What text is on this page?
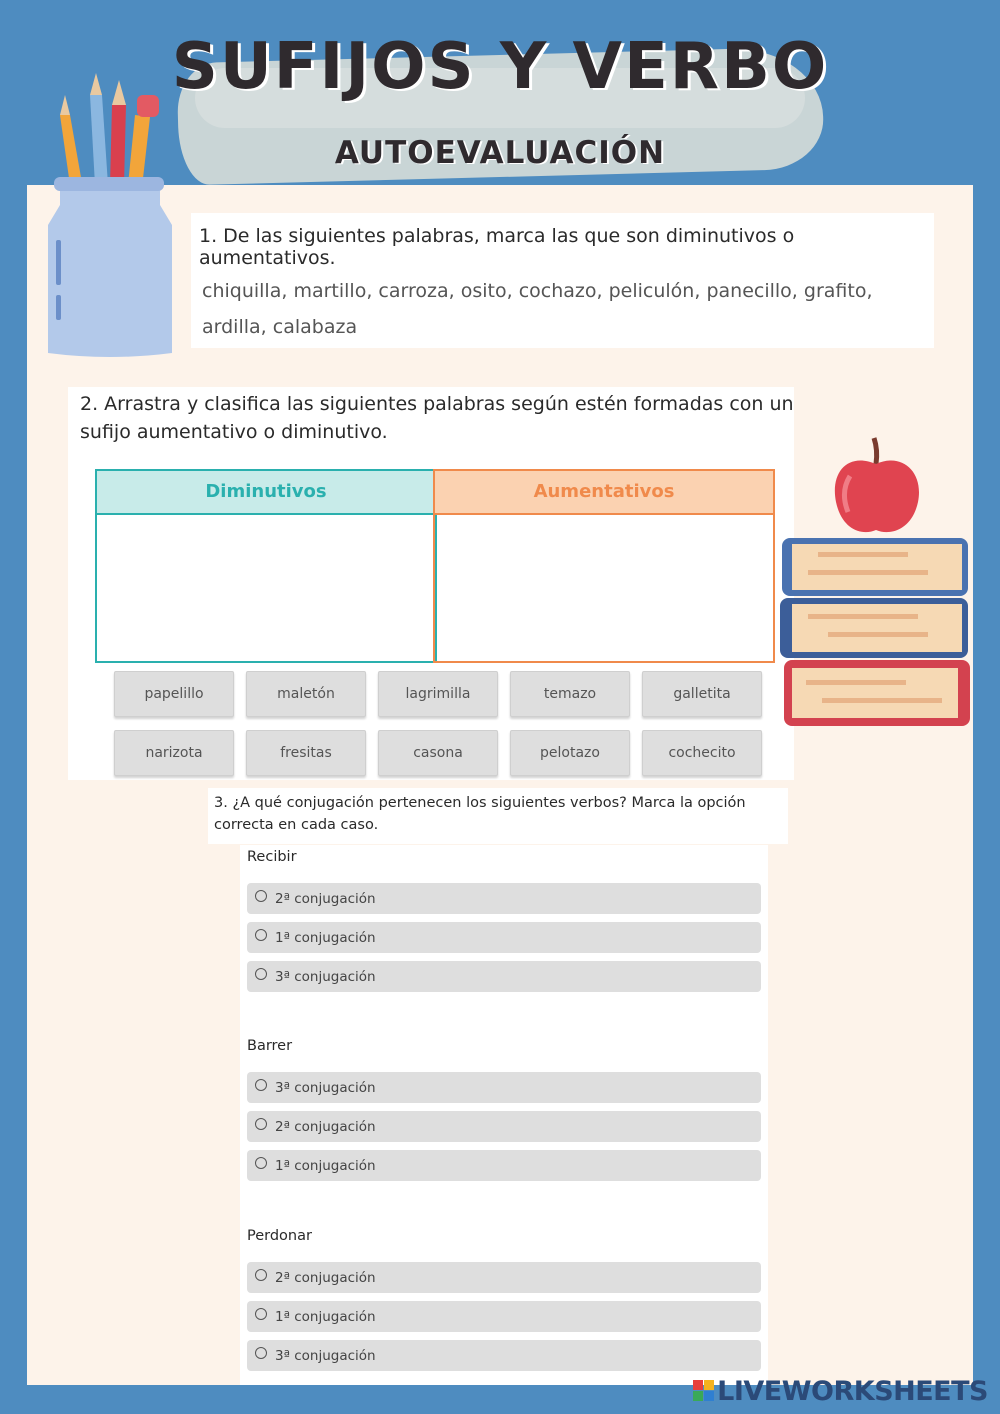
SUFIJOS Y VERBO
AUTOEVALUACIÓN
1. De las siguientes palabras, marca las que son diminutivos o aumentativos.
chiquilla, martillo, carroza, osito, cochazo, peliculón, panecillo, grafito,
ardilla, calabaza
2. Arrastra y clasifica las siguientes palabras según estén formadas con un sufijo aumentativo o diminutivo.
Diminutivos	Aumentativos
papelillo	maletón	lagrimilla	temazo	galletita
narizota	fresitas	casona	pelotazo	cochecito
3. ¿A qué conjugación pertenecen los siguientes verbos? Marca la opción correcta en cada caso.
Recibir
2ª conjugación
1ª conjugación
3ª conjugación
Barrer
3ª conjugación
2ª conjugación
1ª conjugación
Perdonar
2ª conjugación
1ª conjugación
3ª conjugación
LIVEWORKSHEETS
